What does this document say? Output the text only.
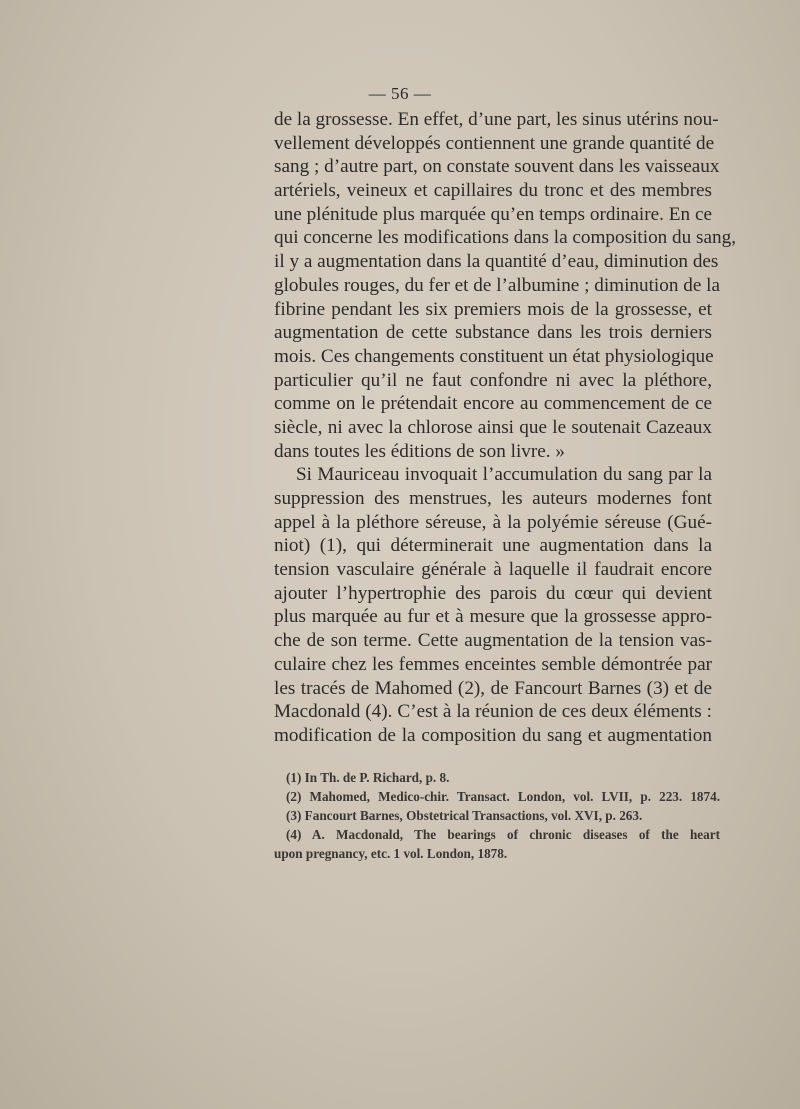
— 56 —
de la grossesse. En effet, d’une part, les sinus utérins nou-
vellement développés contiennent une grande quantité de
sang ; d’autre part, on constate souvent dans les vaisseaux
artériels, veineux et capillaires du tronc et des membres
une plénitude plus marquée qu’en temps ordinaire. En ce
qui concerne les modifications dans la composition du sang,
il y a augmentation dans la quantité d’eau, diminution des
globules rouges, du fer et de l’albumine ; diminution de la
fibrine pendant les six premiers mois de la grossesse, et
augmentation de cette substance dans les trois derniers
mois. Ces changements constituent un état physiologique
particulier qu’il ne faut confondre ni avec la pléthore,
comme on le prétendait encore au commencement de ce
siècle, ni avec la chlorose ainsi que le soutenait Cazeaux
dans toutes les éditions de son livre. »
Si Mauriceau invoquait l’accumulation du sang par la
suppression des menstrues, les auteurs modernes font
appel à la pléthore séreuse, à la polyémie séreuse (Gué-
niot) (1), qui déterminerait une augmentation dans la
tension vasculaire générale à laquelle il faudrait encore
ajouter l’hypertrophie des parois du cœur qui devient
plus marquée au fur et à mesure que la grossesse appro-
che de son terme. Cette augmentation de la tension vas-
culaire chez les femmes enceintes semble démontrée par
les tracés de Mahomed (2), de Fancourt Barnes (3) et de
Macdonald (4). C’est à la réunion de ces deux éléments :
modification de la composition du sang et augmentation
(1) In Th. de P. Richard, p. 8.
(2) Mahomed, Medico-chir. Transact. London, vol. LVII, p. 223. 1874.
(3) Fancourt Barnes, Obstetrical Transactions, vol. XVI, p. 263.
(4) A. Macdonald, The bearings of chronic diseases of the heart
upon pregnancy, etc. 1 vol. London, 1878.
